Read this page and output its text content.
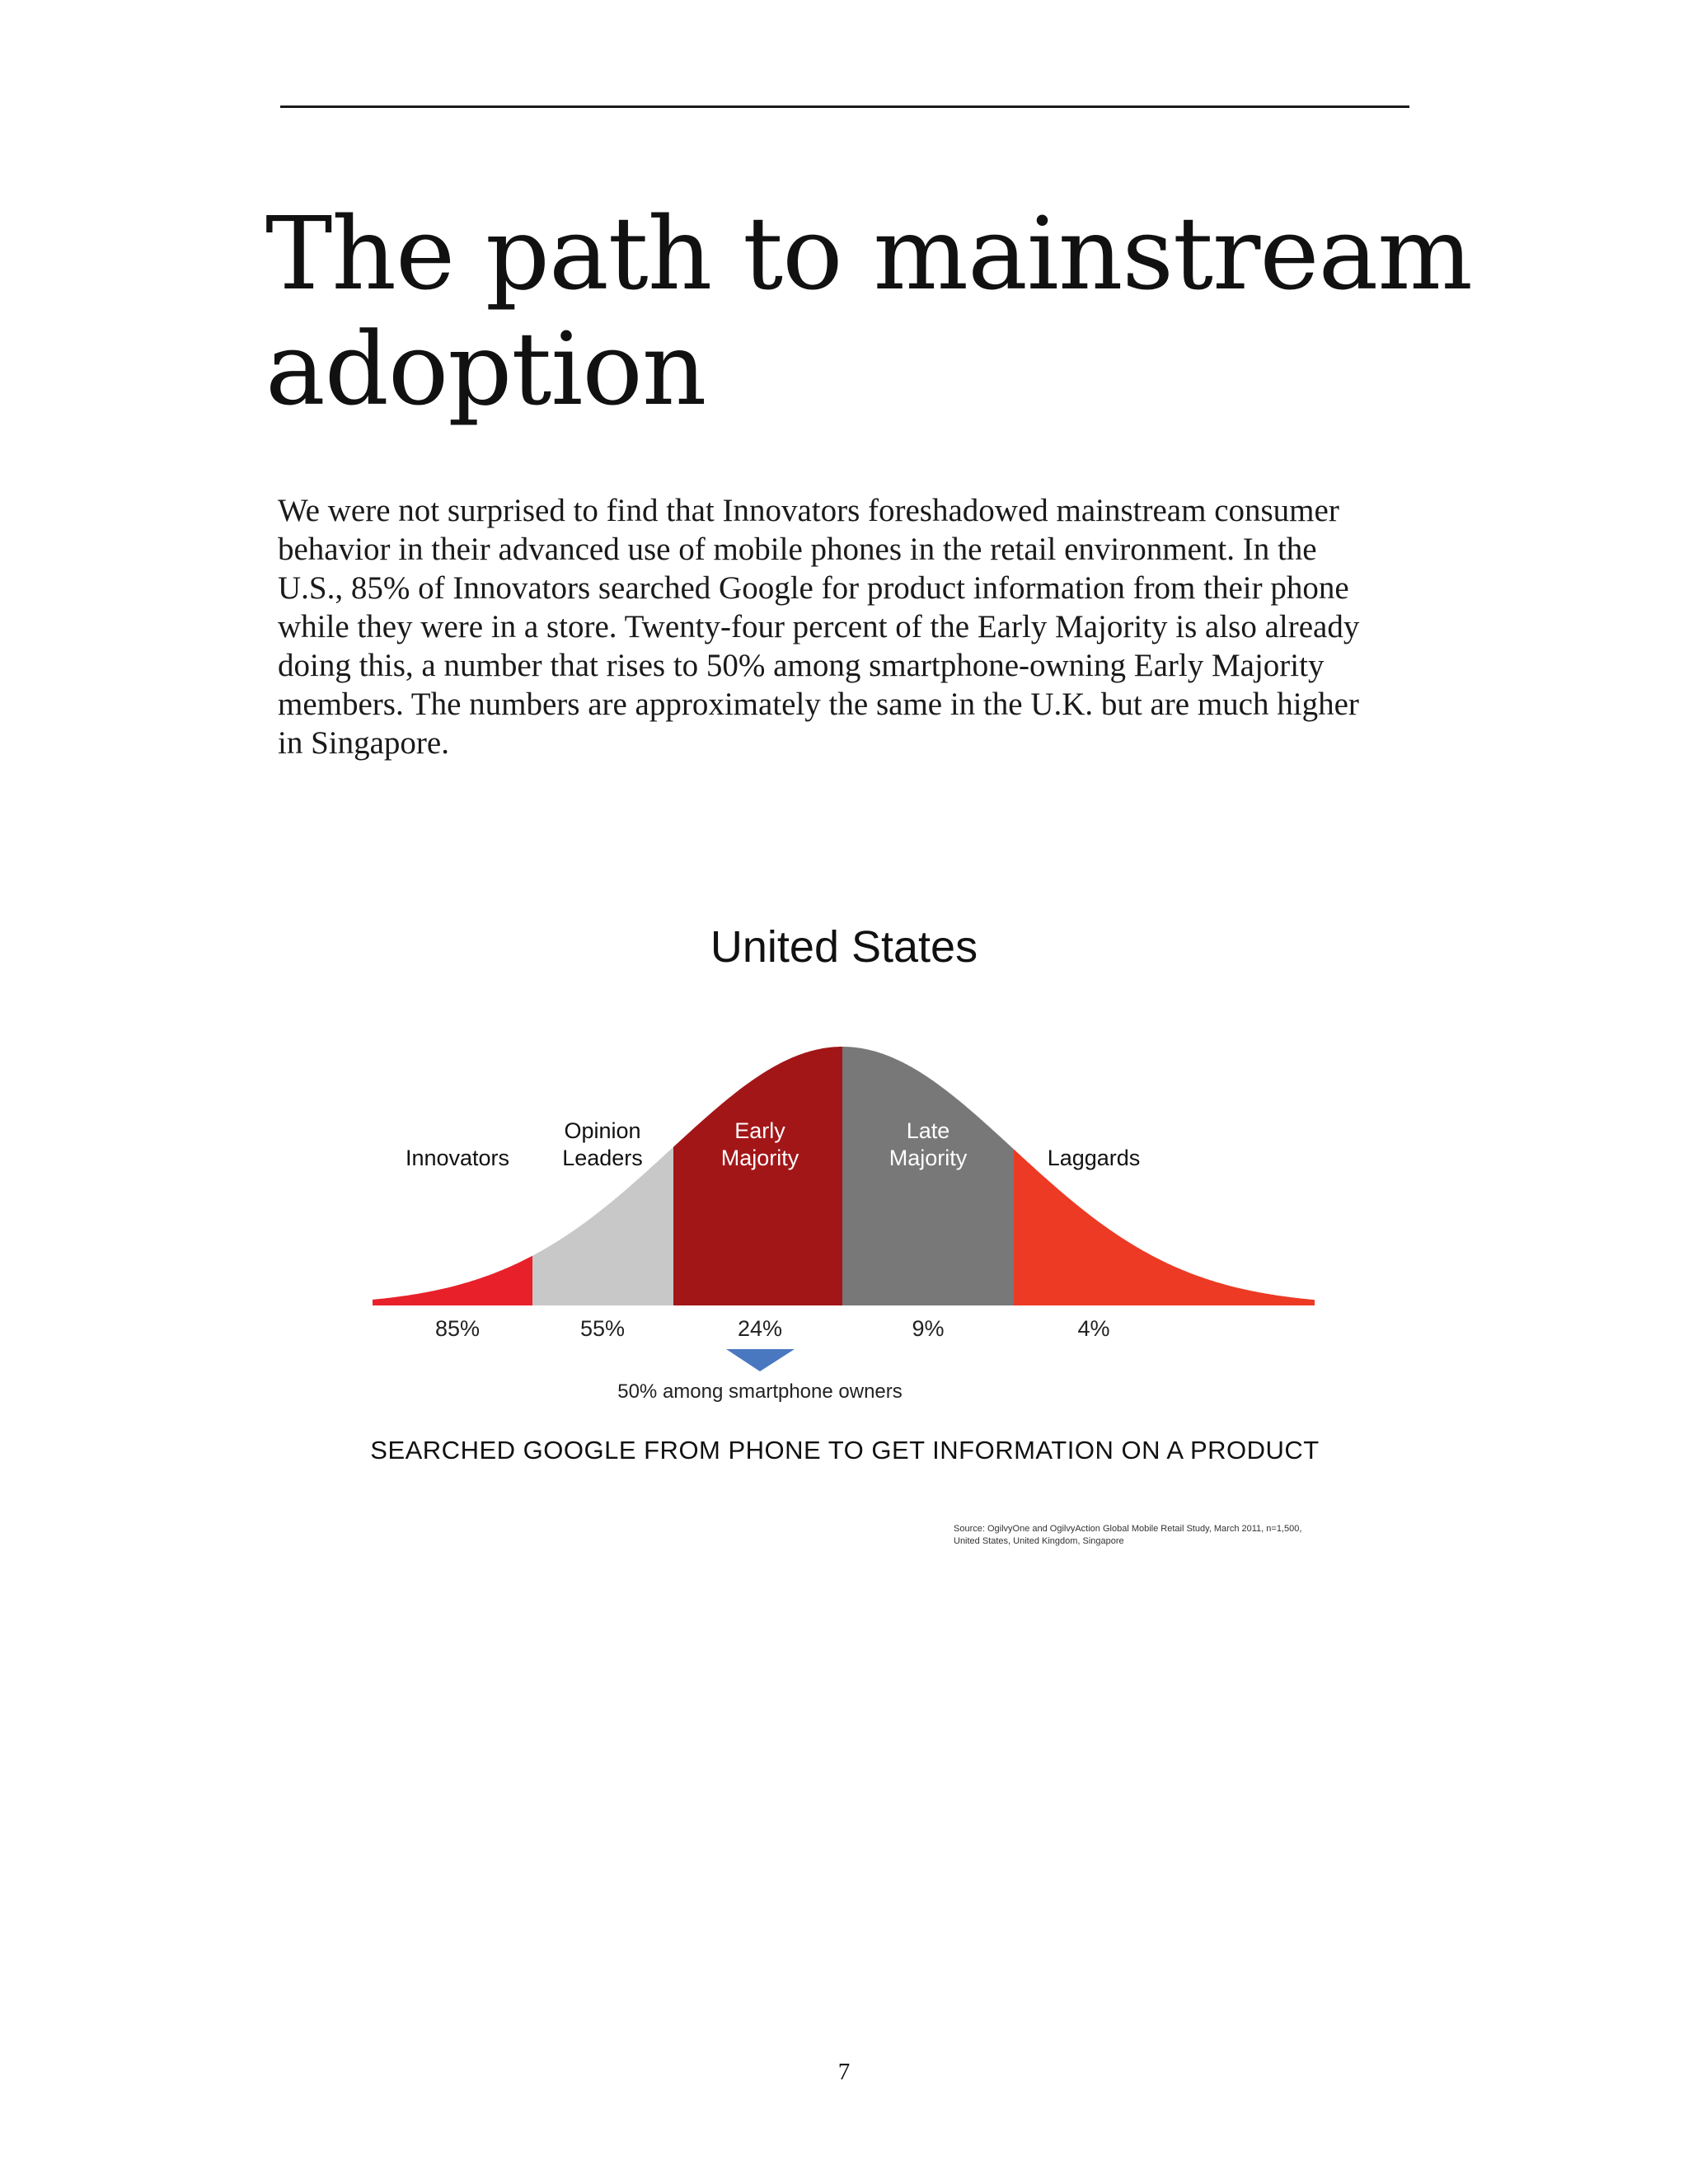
The path to mainstream
adoption
We were not surprised to find that Innovators foreshadowed mainstream consumer
behavior in their advanced use of mobile phones in the retail environment. In the
U.S., 85% of Innovators searched Google for product information from their phone
while they were in a store. Twenty-four percent of the Early Majority is also already
doing this, a number that rises to 50% among smartphone-owning Early Majority
members. The numbers are approximately the same in the U.K. but are much higher
in Singapore.
United States
Innovators
Opinion
Leaders
Early
Majority
Late
Majority	Laggards
85%	55%	24%	9%	4%
50% among smartphone owners
SEARCHED GOOGLE FROM PHONE TO GET INFORMATION ON A PRODUCT
Source: OgilvyOne and OgilvyAction Global Mobile Retail Study, March 2011, n=1,500,
United States, United Kingdom, Singapore
7
